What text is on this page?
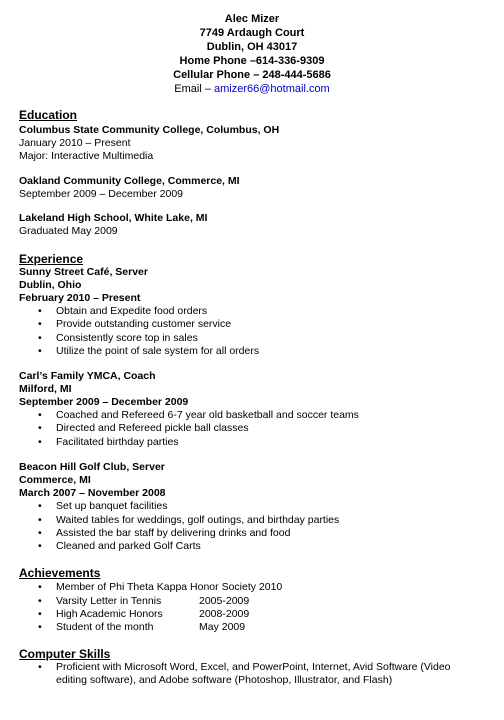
Alec Mizer
7749 Ardaugh Court
Dublin, OH 43017
Home Phone –614-336-9309
Cellular Phone – 248-444-5686
Email – amizer66@hotmail.com
Education
Columbus State Community College, Columbus, OH
January 2010 – Present
Major: Interactive Multimedia
Oakland Community College, Commerce, MI
September 2009 – December 2009
Lakeland High School, White Lake, MI
Graduated May 2009
Experience
Sunny Street Café, Server
Dublin, Ohio
February 2010 – Present
• Obtain and Expedite food orders
• Provide outstanding customer service
• Consistently score top in sales
• Utilize the point of sale system for all orders
Carl’s Family YMCA, Coach
Milford, MI
September 2009 – December 2009
• Coached and Refereed 6-7 year old basketball and soccer teams
• Directed and Refereed pickle ball classes
• Facilitated birthday parties
Beacon Hill Golf Club, Server
Commerce, MI
March 2007 – November 2008
• Set up banquet facilities
• Waited tables for weddings, golf outings, and birthday parties
• Assisted the bar staff by delivering drinks and food
• Cleaned and parked Golf Carts
Achievements
• Member of Phi Theta Kappa Honor Society 2010
• Varsity Letter in Tennis	2005-2009
• High Academic Honors	2008-2009
• Student of the month	May 2009
Computer Skills
• Proficient with Microsoft Word, Excel, and PowerPoint, Internet, Avid Software (Video
editing software), and Adobe software (Photoshop, Illustrator, and Flash)
